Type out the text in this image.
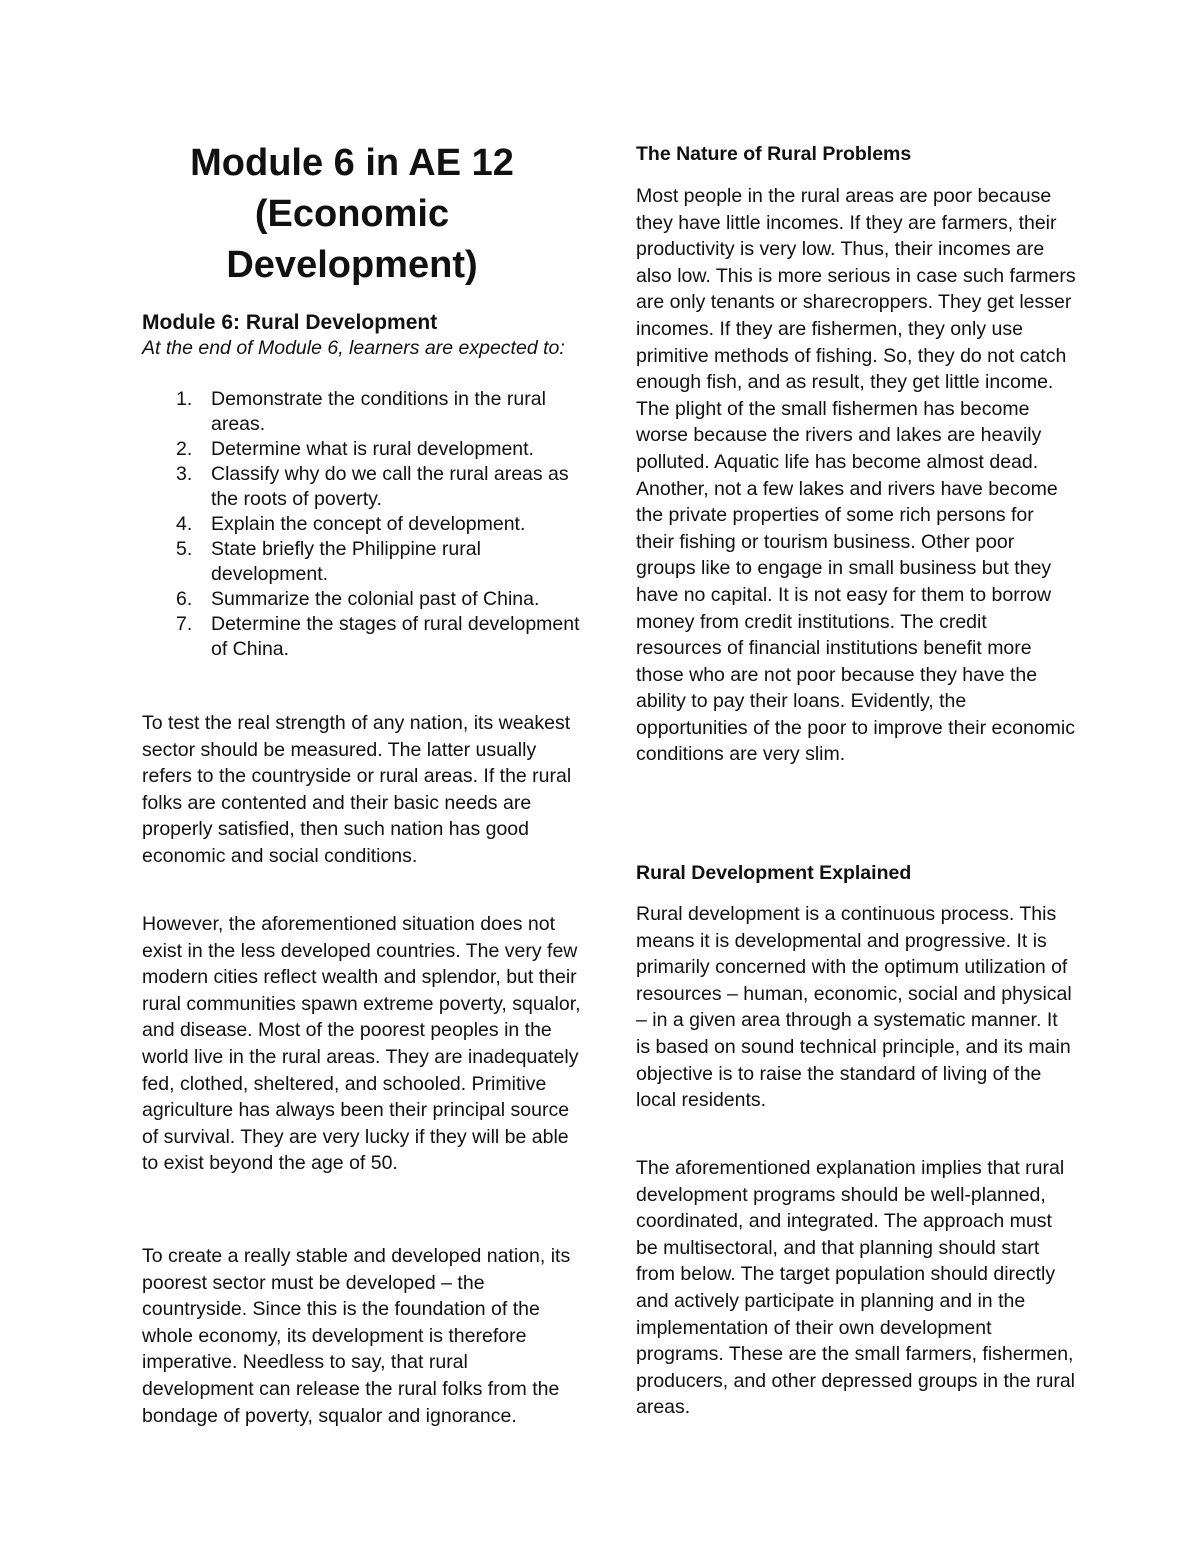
Module 6 in AE 12 (Economic Development)
Module 6: Rural Development

At the end of Module 6, learners are expected to:

1. Demonstrate the conditions in the rural areas.
2. Determine what is rural development.
3. Classify why do we call the rural areas as the roots of poverty.
4. Explain the concept of development.
5. State briefly the Philippine rural development.
6. Summarize the colonial past of China.
7. Determine the stages of rural development of China.

To test the real strength of any nation, its weakest sector should be measured. The latter usually refers to the countryside or rural areas. If the rural folks are contented and their basic needs are properly satisfied, then such nation has good economic and social conditions.

However, the aforementioned situation does not exist in the less developed countries. The very few modern cities reflect wealth and splendor, but their rural communities spawn extreme poverty, squalor, and disease. Most of the poorest peoples in the world live in the rural areas. They are inadequately fed, clothed, sheltered, and schooled. Primitive agriculture has always been their principal source of survival. They are very lucky if they will be able to exist beyond the age of 50.

To create a really stable and developed nation, its poorest sector must be developed – the countryside. Since this is the foundation of the whole economy, its development is therefore imperative. Needless to say, that rural development can release the rural folks from the bondage of poverty, squalor and ignorance.

The Nature of Rural Problems

Most people in the rural areas are poor because they have little incomes. If they are farmers, their productivity is very low. Thus, their incomes are also low. This is more serious in case such farmers are only tenants or sharecroppers. They get lesser incomes. If they are fishermen, they only use primitive methods of fishing. So, they do not catch enough fish, and as result, they get little income. The plight of the small fishermen has become worse because the rivers and lakes are heavily polluted. Aquatic life has become almost dead. Another, not a few lakes and rivers have become the private properties of some rich persons for their fishing or tourism business. Other poor groups like to engage in small business but they have no capital. It is not easy for them to borrow money from credit institutions. The credit resources of financial institutions benefit more those who are not poor because they have the ability to pay their loans. Evidently, the opportunities of the poor to improve their economic conditions are very slim.

Rural Development Explained

Rural development is a continuous process. This means it is developmental and progressive. It is primarily concerned with the optimum utilization of resources – human, economic, social and physical – in a given area through a systematic manner. It is based on sound technical principle, and its main objective is to raise the standard of living of the local residents.

The aforementioned explanation implies that rural development programs should be well-planned, coordinated, and integrated. The approach must be multisectoral, and that planning should start from below. The target population should directly and actively participate in planning and in the implementation of their own development programs. These are the small farmers, fishermen, producers, and other depressed groups in the rural areas.
